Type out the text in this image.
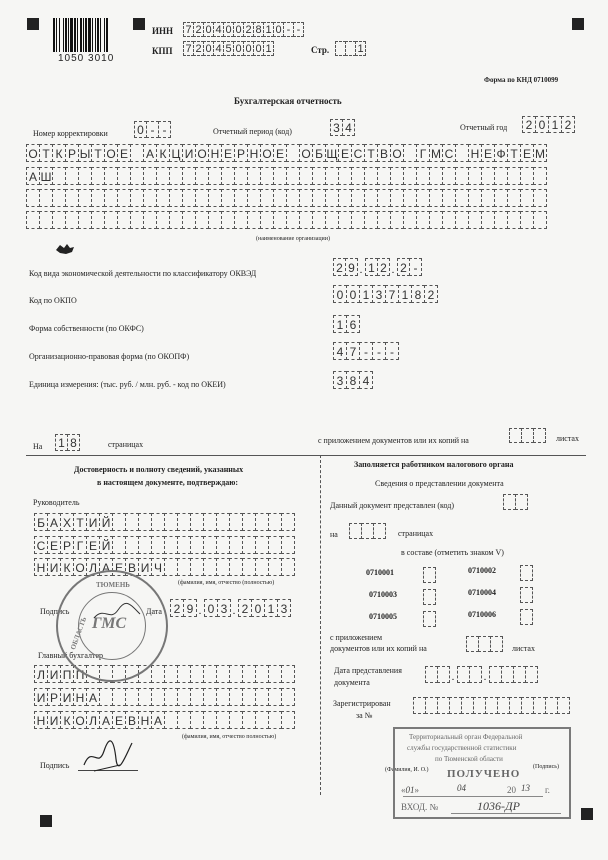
1050 3010
ИНН 7 2 0 4 0 0 2 8 1 0 - -
КПП 7 2 0 4 5 0 0 0 1	Стр.	1
Форма по КНД 0710099
Бухгалтерская отчетность
Номер корректировки 0 - -	Отчетный период (код)	3 4	Отчетный год	2 0 1 2
О Т К Р Ы Т О Е А К Ц И О Н Е Р Н О Е О Б Щ Е С Т В О	Г М С Н Е Ф Т Е М
А Ш
(наименование организации)
Код вида экономической деятельности по классификатору ОКВЭД	2 9 . 1 2 . 2 -
Код по ОКПО	0 0 1 3 7 1 8 2
Форма собственности (по ОКФС)	1 6
Организационно-правовая форма (по ОКОПФ)	4 7 - - -
Единица измерения: (тыс. руб. / млн. руб. - код по ОКЕИ)	3 8 4
На 1 8	страницах	с приложением документов или их копий на	листах
Достоверность и полноту сведений, указанных
в настоящем документе, подтверждаю:
Руководитель
Б А Х Т И Й
С Е Р Г Е Й
Н И К О Л А Е В И Ч
(фамилия, имя, отчество (полностью)
Подпись	Дата 2 9 . 0 3 . 2 0 1 3
Главный бухгалтер
Л И П П
И Р И Н А
Н И К О Л А Е В Н А
(фамилия, имя, отчество полностью)
Подпись
ТЮМЕНЬ
ОБЛАСТЬ ГМС
Заполняется работником налогового органа
Сведения о представлении документа
Данный документ представлен (код)
на	страницах
в составе (отметить знаком V)
0710001	0710002
0710003	0710004
0710005	0710006
с приложением
документов или их копий на	листах
Дата представления
документа	.	.
Зарегистрирован
за №
(Фамилия, И. О.)	(Подпись)
Территориальный орган Федеральной
службы государственной статистики
по Тюменской области
ПОЛУЧЕНО
«01»	04	20 13 г.
ВХОД. №	1036-ДР
